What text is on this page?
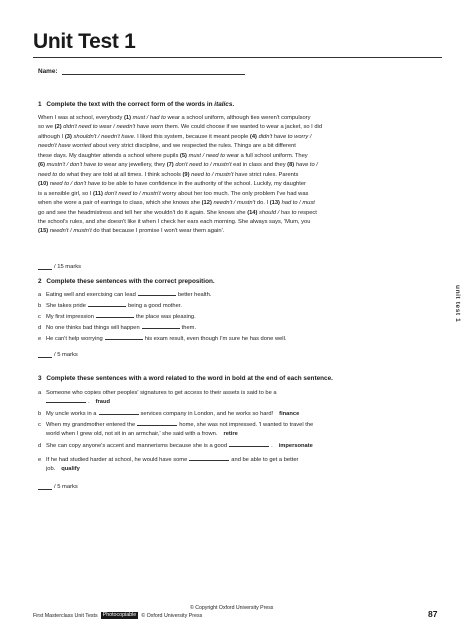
Unit Test 1
Name:
1 Complete the text with the correct form of the words in italics.
When I was at school, everybody (1) must / had to wear a school uniform, although ties weren't compulsory
so we (2) didn't need to wear / needn't have worn them. We could choose if we wanted to wear a jacket, so I did
although I (3) shouldn't / needn't have. I liked this system, because it meant people (4) didn't have to worry /
needn't have worried about very strict discipline, and we respected the rules. Things are a bit different
these days. My daughter attends a school where pupils (5) must / need to wear a full school uniform. They
(6) mustn't / don't have to wear any jewellery, they (7) don't need to / mustn't eat in class and they (8) have to /
need to do what they are told at all times. I think schools (9) need to / mustn't have strict rules. Parents
(10) need to / don't have to be able to have confidence in the authority of the school. Luckily, my daughter
is a sensible girl, so I (11) don't need to / mustn't worry about her too much. The only problem I've had was
when she wore a pair of earrings to class, which she knows she (12) needn't / mustn't do. I (13) had to / must
go and see the headmistress and tell her she wouldn't do it again. She knows she (14) should / has to respect
the school's rules, and she doesn't like it when I check her ears each morning. She always says, 'Mum, you
(15) needn't / mustn't do that because I promise I won't wear them again'.
/ 15 marks
2 Complete these sentences with the correct preposition.
a Eating well and exercising can lead	better health.
b She takes pride	being a good mother.
c My first impression	the place was pleasing.
d No one thinks bad things will happen	them.
e He can't help worrying	his exam result, even though I'm sure he has done well.
/ 5 marks
3 Complete these sentences with a word related to the word in bold at the end of each sentence.
a Someone who copies other peoples' signatures to get access to their assets is said to be a
. fraud
b My uncle works in a	services company in London, and he works so hard! finance
c When my grandmother entered the	home, she was not impressed. 'I wanted to travel the
world when I grew old, not sit in an armchair,' she said with a frown. retire
d She can copy anyone's accent and mannerisms because she is a good	. impersonate
e If he had studied harder at school, he would have some	and be able to get a better
job. qualify
/ 5 marks
unit test 1
© Copyright Oxford University Press
First Masterclass Unit Tests Photocopiable © Oxford University Press	87
